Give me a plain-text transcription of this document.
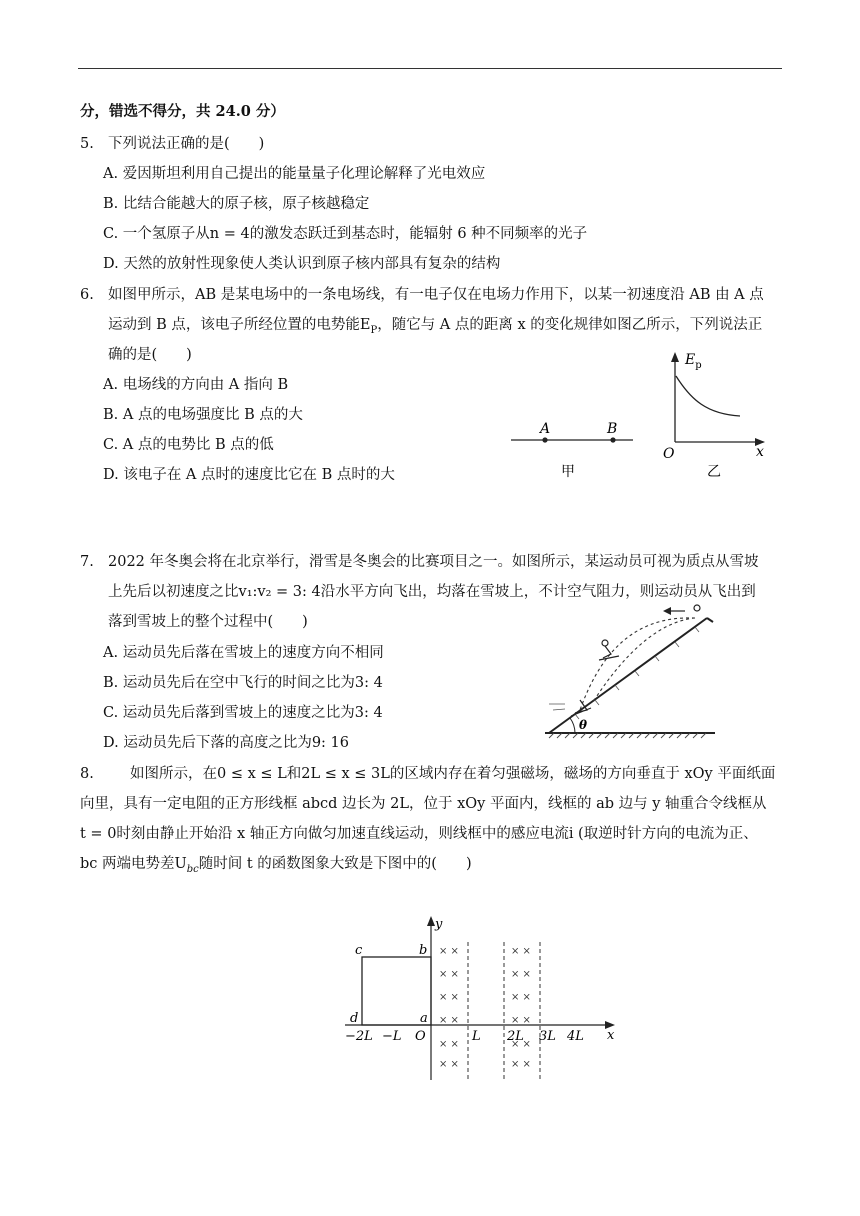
分，错选不得分，共 24.0 分）
5. 下列说法正确的是(　　)
A. 爱因斯坦利用自己提出的能量量子化理论解释了光电效应
B. 比结合能越大的原子核，原子核越稳定
C. 一个氢原子从n = 4的激发态跃迁到基态时，能辐射 6 种不同频率的光子
D. 天然的放射性现象使人类认识到原子核内部具有复杂的结构
6. 如图甲所示，AB 是某电场中的一条电场线，有一电子仅在电场力作用下，以某一初速度沿 AB 由 A 点
运动到 B 点，该电子所经位置的电势能$E_P$，随它与 A 点的距离 x 的变化规律如图乙所示，下列说法正
确的是(　　)
A. 电场线的方向由 A 指向 B
B. A 点的电场强度比 B 点的大
C. A 点的电势比 B 点的低
D. 该电子在 A 点时的速度比它在 B 点时的大
A	B
甲
$E_p$
O	x
乙
7. 2022 年冬奥会将在北京举行，滑雪是冬奥会的比赛项目之一。如图所示，某运动员可视为质点从雪坡
上先后以初速度之比v₁:v₂ = 3: 4沿水平方向飞出，均落在雪坡上，不计空气阻力，则运动员从飞出到
落到雪坡上的整个过程中(　　)
A. 运动员先后落在雪坡上的速度方向不相同
B. 运动员先后在空中飞行的时间之比为3: 4
C. 运动员先后落到雪坡上的速度之比为3: 4
D. 运动员先后下落的高度之比为9: 16
θ
8. 如图所示，在0 ≤ x ≤ L和2L ≤ x ≤ 3L的区域内存在着匀强磁场，磁场的方向垂直于 xOy 平面纸面
向里，具有一定电阻的正方形线框 abcd 边长为 2L，位于 xOy 平面内，线框的 ab 边与 y 轴重合令线框从
t = 0时刻由静止开始沿 x 轴正方向做匀加速直线运动，则线框中的感应电流i (取逆时针方向的电流为正、
bc 两端电势差$U_{bc}$随时间 t 的函数图象大致是下图中的(　　)
y
x
c	b
d	a
× ×
× ×
× ×
× ×
× ×
× ×
× ×
× ×
× ×
× ×
× ×
× ×
−2L −L O	L 2L 3L 4L
